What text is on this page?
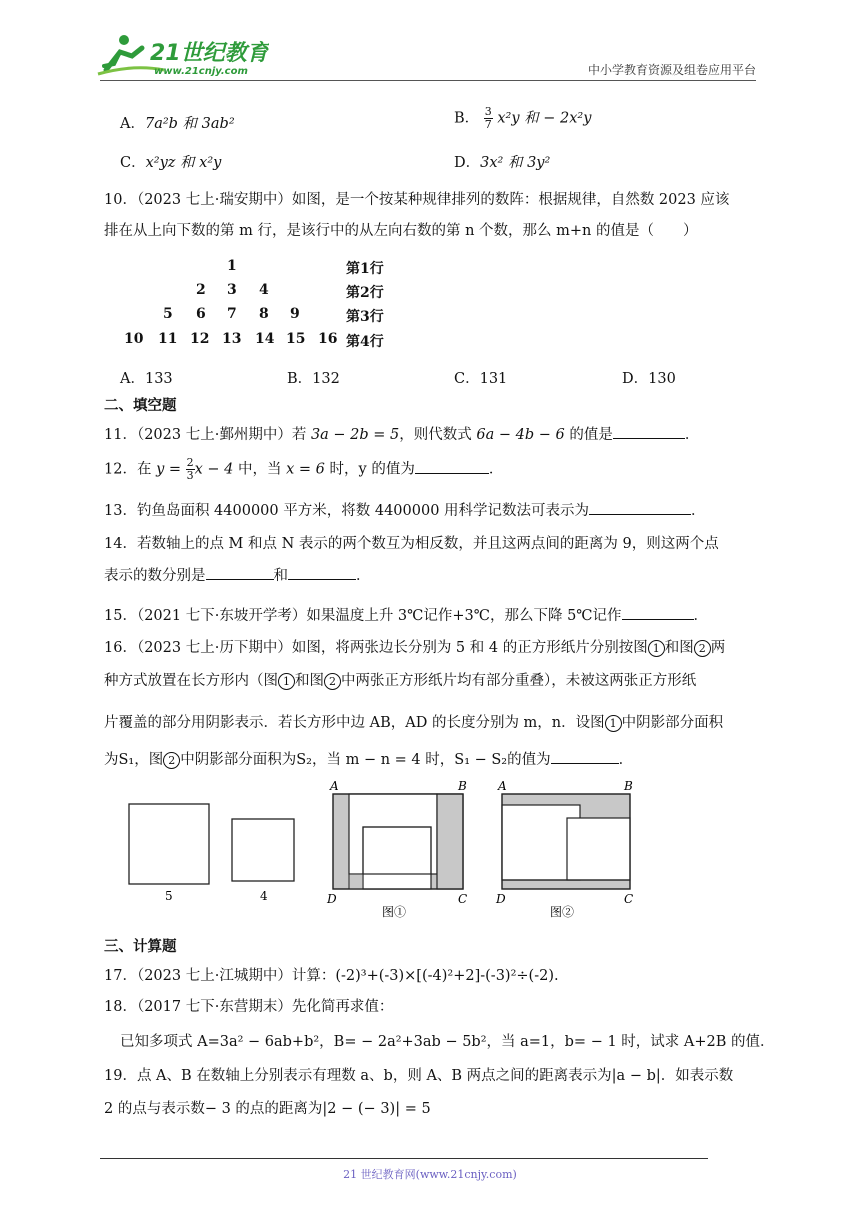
21世纪教育
www.21cnjy.com	中小学教育资源及组卷应用平台
A．7a²b 和 3ab²	B． $\frac{3}{7} x^2y$ 和 − 2x²y
C．x²yz 和 x²y	D．3x² 和 3y²
10．（2023 七上·瑞安期中）如图，是一个按某种规律排列的数阵：根据规律，自然数 2023 应该
排在从上向下数的第 m 行，是该行中的从左向右数的第 n 个数，那么 m+n 的值是（　　）
1	第1行
2 3 4	第2行
5 6 7 8 9	第3行
10 11 12 13 14 15 16 第4行
A．133	B．132	C．131	D．130
二、填空题
11．（2023 七上·鄞州期中）若 3a − 2b = 5，则代数式 6a − 4b − 6 的值是	．
12．在 $y = \frac{2}{3}$ x − 4 中，当 x = 6 时，y 的值为	．
13．钓鱼岛面积 4400000 平方米，将数 4400000 用科学记数法可表示为	．
14．若数轴上的点 M 和点 N 表示的两个数互为相反数，并且这两点间的距离为 9，则这两个点
表示的数分别是	和	．
15．（2021 七下·东坡开学考）如果温度上升 3℃记作+3℃，那么下降 5℃记作	．
16．（2023 七上·历下期中）如图，将两张边长分别为 5 和 4 的正方形纸片分别按图 1 和图 2 两
种方式放置在长方形内（图 1 和图 2 中两张正方形纸片均有部分重叠），未被这两张正方形纸
片覆盖的部分用阴影表示．若长方形中边 AB，AD 的长度分别为 m，n．设图 1 中阴影部分面积
为S₁，图 2 中阴影部分面积为S₂，当 m − n = 4 时，S₁ − S₂的值为	．
5	4
A	B
D	C
图①
A	B
D	C
图②
三、计算题
17．（2023 七上·江城期中）计算：(-2)³+(-3)×[(-4)²+2]-(-3)²÷(-2).
18．（2017 七下·东营期末）先化简再求值：
已知多项式 A=3a² − 6ab+b²，B= − 2a²+3ab − 5b²，当 a=1，b= − 1 时，试求 A+2B 的值．
19．点 A、B 在数轴上分别表示有理数 a、b，则 A、B 两点之间的距离表示为|a − b|．如表示数
2 的点与表示数− 3 的点的距离为|2 − (− 3)| = 5
21 世纪教育网(www.21cnjy.com)
